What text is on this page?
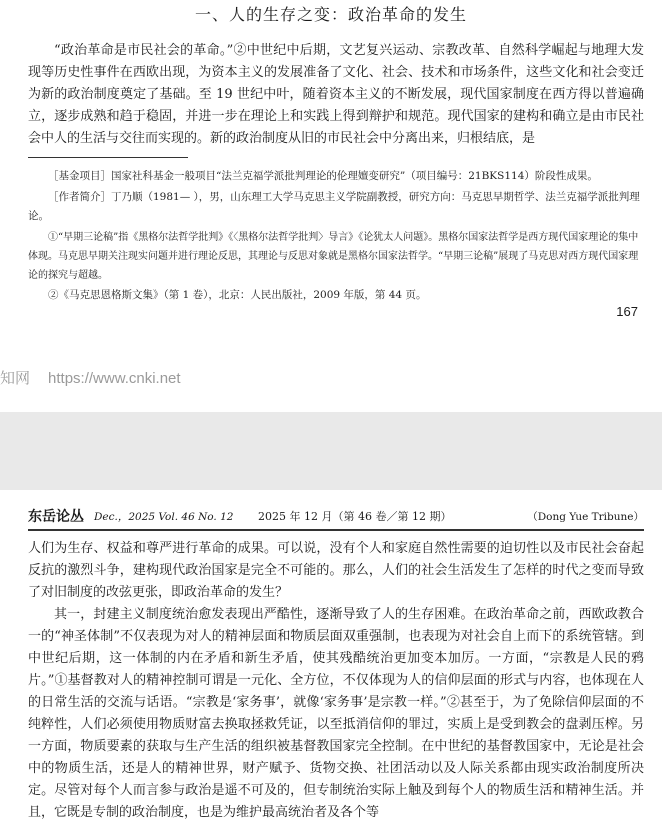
一、人的生存之变：政治革命的发生
“政治革命是市民社会的革命。”②中世纪中后期，文艺复兴运动、宗教改革、自然科学崛起与地理大发现等历史性事件在西欧出现，为资本主义的发展准备了文化、社会、技术和市场条件，这些文化和社会变迁为新的政治制度奠定了基础。至 19 世纪中叶，随着资本主义的不断发展，现代国家制度在西方得以普遍确立，逐步成熟和趋于稳固，并进一步在理论上和实践上得到辩护和规范。现代国家的建构和确立是由市民社会中人的生活与交往而实现的。新的政治制度从旧的市民社会中分离出来，归根结底，是
［基金项目］国家社科基金一般项目“法兰克福学派批判理论的伦理嬗变研究”（项目编号：21BKS114）阶段性成果。
［作者简介］丁乃顺（1981— ），男，山东理工大学马克思主义学院副教授，研究方向：马克思早期哲学、法兰克福学派批判理论。
①“早期三论稿”指《黑格尔法哲学批判》《〈黑格尔法哲学批判〉导言》《论犹太人问题》。黑格尔国家法哲学是西方现代国家理论的集中体现。马克思早期关注现实问题并进行理论反思，其理论与反思对象就是黑格尔国家法哲学。“早期三论稿”展现了马克思对西方现代国家理论的探究与超越。
②《马克思恩格斯文集》（第 1 卷），北京：人民出版社，2009 年版，第 44 页。
167
知网 https://www.cnki.net
东岳论丛 Dec.，2025 Vol. 46 No. 12 2025 年 12 月（第 46 卷／第 12 期）	（Dong Yue Tribune）
人们为生存、权益和尊严进行革命的成果。可以说，没有个人和家庭自然性需要的迫切性以及市民社会奋起反抗的激烈斗争，建构现代政治国家是完全不可能的。那么，人们的社会生活发生了怎样的时代之变而导致了对旧制度的改弦更张，即政治革命的发生？
其一，封建主义制度统治愈发表现出严酷性，逐渐导致了人的生存困难。在政治革命之前，西欧政教合一的“神圣体制”不仅表现为对人的精神层面和物质层面双重强制，也表现为对社会自上而下的系统管辖。到中世纪后期，这一体制的内在矛盾和新生矛盾，使其残酷统治更加变本加厉。一方面，“宗教是人民的鸦片。”①基督教对人的精神控制可谓是一元化、全方位，不仅体现为人的信仰层面的形式与内容，也体现在人的日常生活的交流与话语。“宗教是‘家务事’，就像‘家务事’是宗教一样。”②甚至于，为了免除信仰层面的不纯粹性，人们必须使用物质财富去换取拯救凭证，以至抵消信仰的罪过，实质上是受到教会的盘剥压榨。另一方面，物质要素的获取与生产生活的组织被基督教国家完全控制。在中世纪的基督教国家中，无论是社会中的物质生活，还是人的精神世界，财产赋予、货物交换、社团活动以及人际关系都由现实政治制度所决定。尽管对每个人而言参与政治是遥不可及的，但专制统治实际上触及到每个人的物质生活和精神生活。并且，它既是专制的政治制度，也是为维护最高统治者及各个等
